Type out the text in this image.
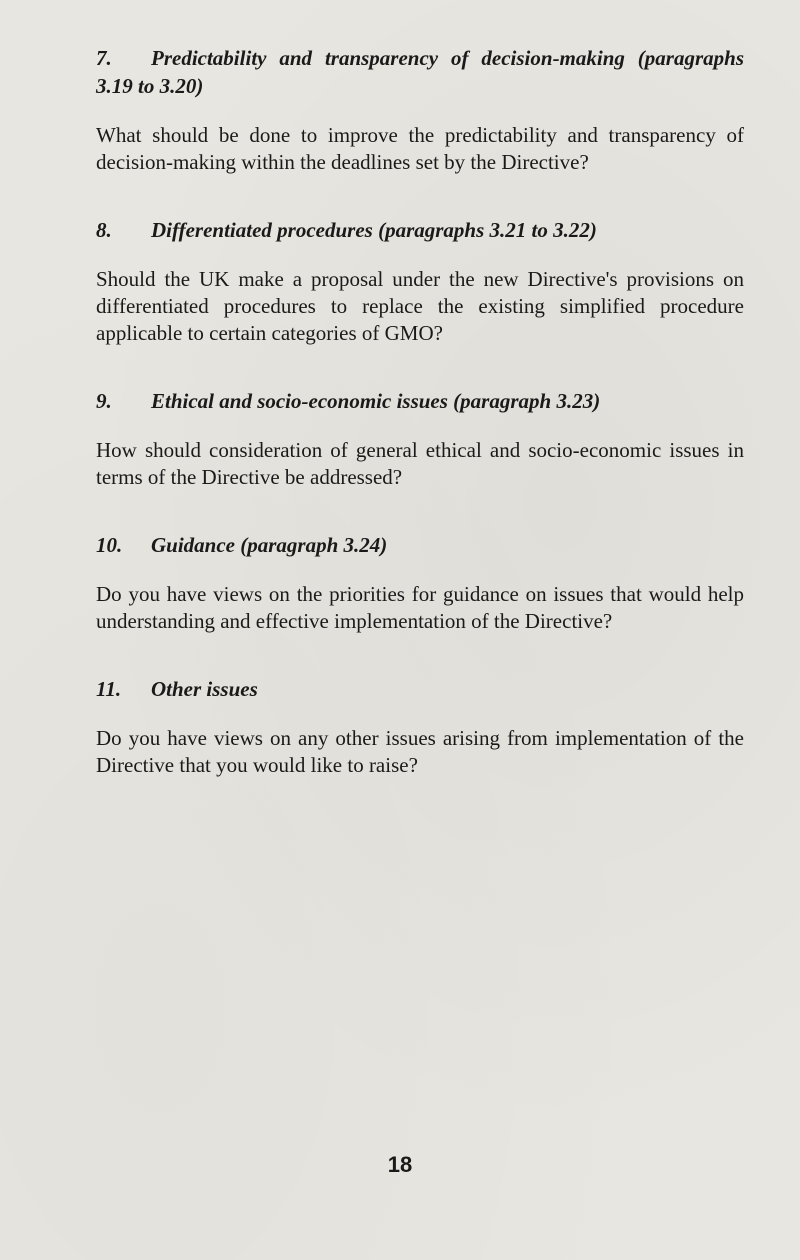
7. Predictability and transparency of decision-making (paragraphs 3.19 to 3.20)

What should be done to improve the predictability and transparency of decision-making within the deadlines set by the Directive?

8.	Differentiated procedures (paragraphs 3.21 to 3.22)

Should the UK make a proposal under the new Directive's provisions on differentiated procedures to replace the existing simplified procedure applicable to certain categories of GMO?

9.	Ethical and socio-economic issues (paragraph 3.23)

How should consideration of general ethical and socio-economic issues in terms of the Directive be addressed?

10.	Guidance (paragraph 3.24)

Do you have views on the priorities for guidance on issues that would help understanding and effective implementation of the Directive?

11.	Other issues

Do you have views on any other issues arising from implementation of the Directive that you would like to raise?

18
